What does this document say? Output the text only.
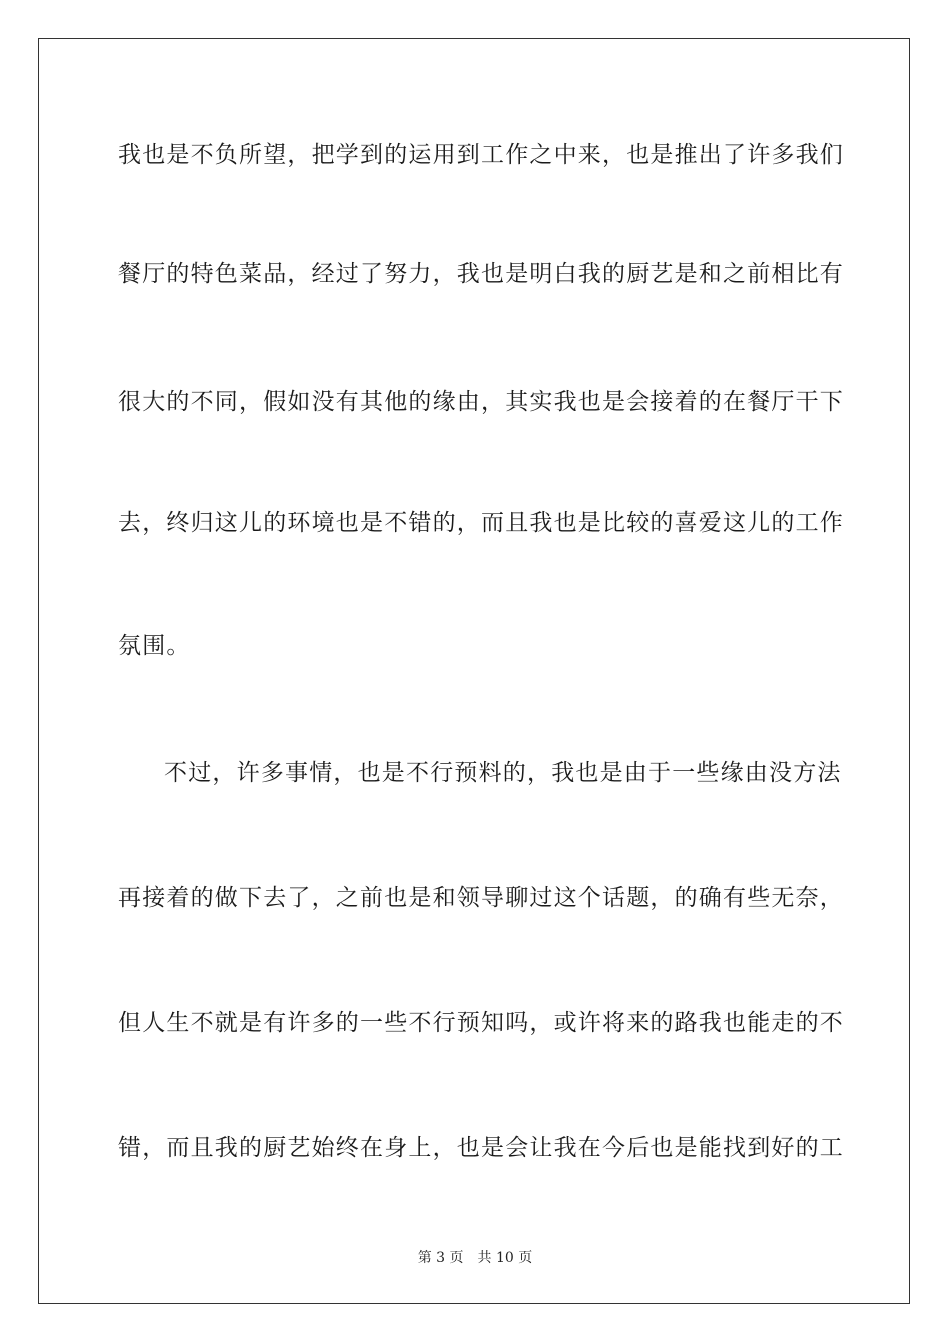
我也是不负所望，把学到的运用到工作之中来，也是推出了许多我们
餐厅的特色菜品，经过了努力，我也是明白我的厨艺是和之前相比有
很大的不同，假如没有其他的缘由，其实我也是会接着的在餐厅干下
去，终归这儿的环境也是不错的，而且我也是比较的喜爱这儿的工作
氛围。
不过，许多事情，也是不行预料的，我也是由于一些缘由没方法
再接着的做下去了，之前也是和领导聊过这个话题，的确有些无奈，
但人生不就是有许多的一些不行预知吗，或许将来的路我也能走的不
错，而且我的厨艺始终在身上，也是会让我在今后也是能找到好的工
第 3 页　共 10 页
